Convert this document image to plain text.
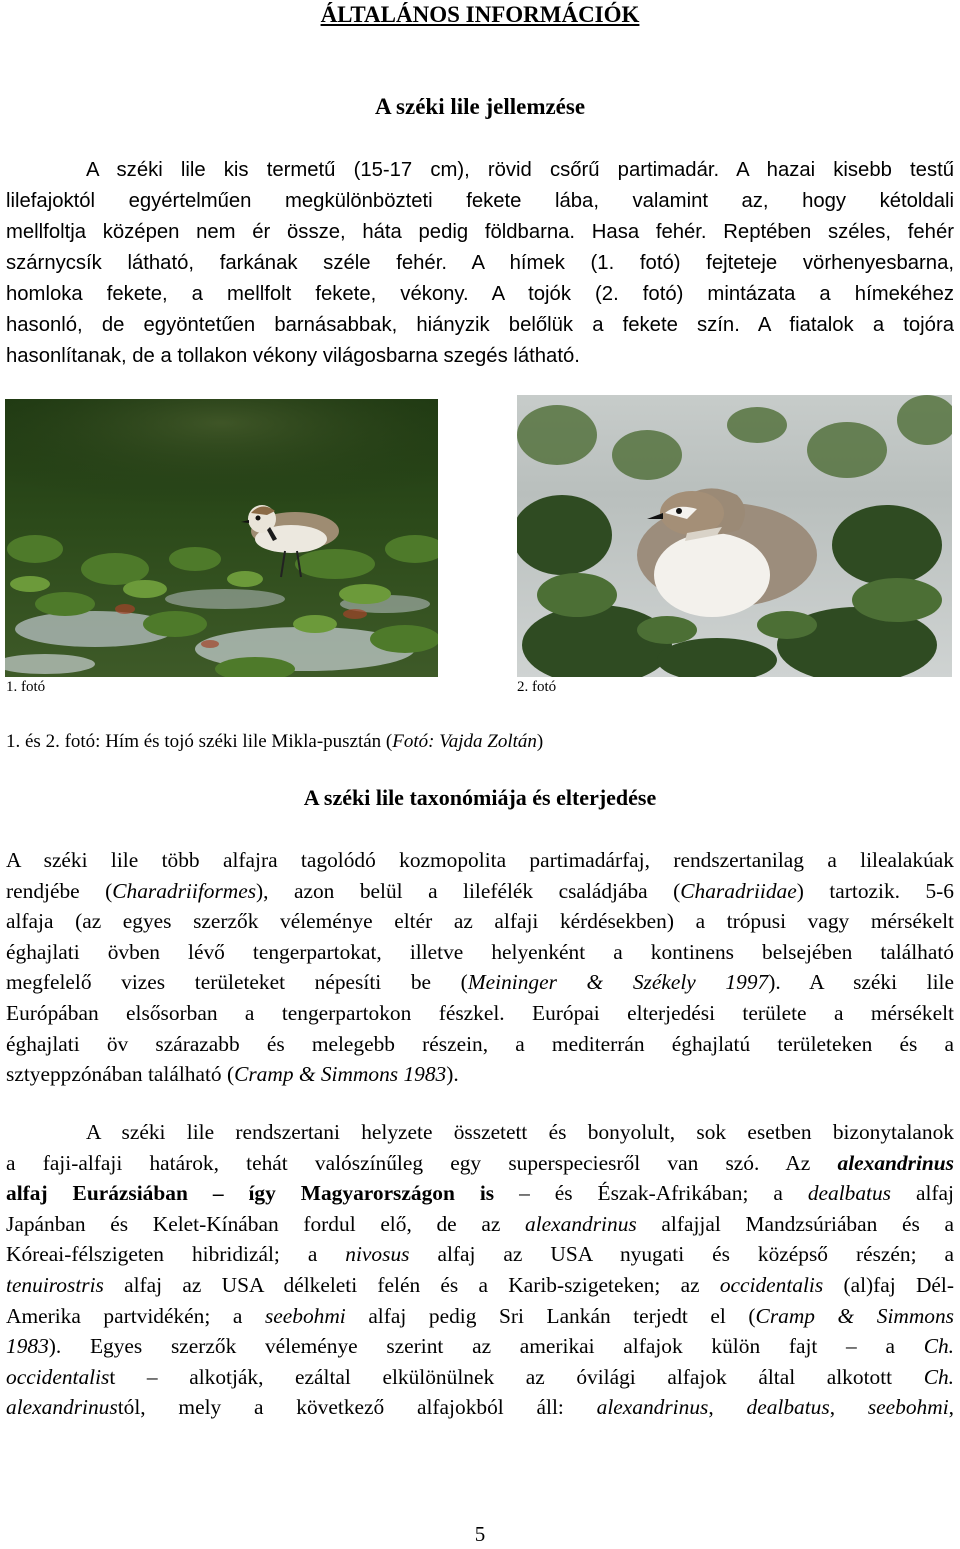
ÁLTALÁNOS INFORMÁCIÓK
A széki lile jellemzése
A széki lile kis termetű (15-17 cm), rövid csőrű partimadár. A hazai kisebb testű
lilefajoktól egyértelműen megkülönbözteti fekete lába, valamint az, hogy kétoldali
mellfoltja középen nem ér össze, háta pedig földbarna. Hasa fehér. Reptében széles, fehér
szárnycsík látható, farkának széle fehér. A hímek (1. fotó) fejteteje vörhenyesbarna,
homloka fekete, a mellfolt fekete, vékony. A tojók (2. fotó) mintázata a hímekéhez
hasonló, de egyöntetűen barnásabbak, hiányzik belőlük a fekete szín. A fiatalok a tojóra
hasonlítanak, de a tollakon vékony világosbarna szegés látható.
1. fotó	2. fotó
1. és 2. fotó: Hím és tojó széki lile Mikla-pusztán (Fotó: Vajda Zoltán)
A széki lile taxonómiája és elterjedése
A széki lile több alfajra tagolódó kozmopolita partimadárfaj, rendszertanilag a lilealakúak
rendjébe (Charadriiformes), azon belül a lilefélék családjába (Charadriidae) tartozik. 5-6
alfaja (az egyes szerzők véleménye eltér az alfaji kérdésekben) a trópusi vagy mérsékelt
éghajlati övben lévő tengerpartokat, illetve helyenként a kontinens belsejében található
megfelelő vizes területeket népesíti be (Meininger & Székely 1997). A széki lile
Európában elsősorban a tengerpartokon fészkel. Európai elterjedési területe a mérsékelt
éghajlati öv szárazabb és melegebb részein, a mediterrán éghajlatú területeken és a
sztyeppzónában található (Cramp & Simmons 1983).
A széki lile rendszertani helyzete összetett és bonyolult, sok esetben bizonytalanok
a faji-alfaji határok, tehát valószínűleg egy superspeciesről van szó. Az alexandrinus
alfaj Eurázsiában – így Magyarországon is – és Észak-Afrikában; a dealbatus alfaj
Japánban és Kelet-Kínában fordul elő, de az alexandrinus alfajjal Mandzsúriában és a
Kóreai-félszigeten hibridizál; a nivosus alfaj az USA nyugati és középső részén; a
tenuirostris alfaj az USA délkeleti felén és a Karib-szigeteken; az occidentalis (al)faj Dél-
Amerika partvidékén; a seebohmi alfaj pedig Sri Lankán terjedt el (Cramp & Simmons
1983). Egyes szerzők véleménye szerint az amerikai alfajok külön fajt – a Ch.
occidentalist – alkotják, ezáltal elkülönülnek az óvilági alfajok által alkotott Ch.
alexandrinustól, mely a következő alfajokból áll: alexandrinus, dealbatus, seebohmi,
5
